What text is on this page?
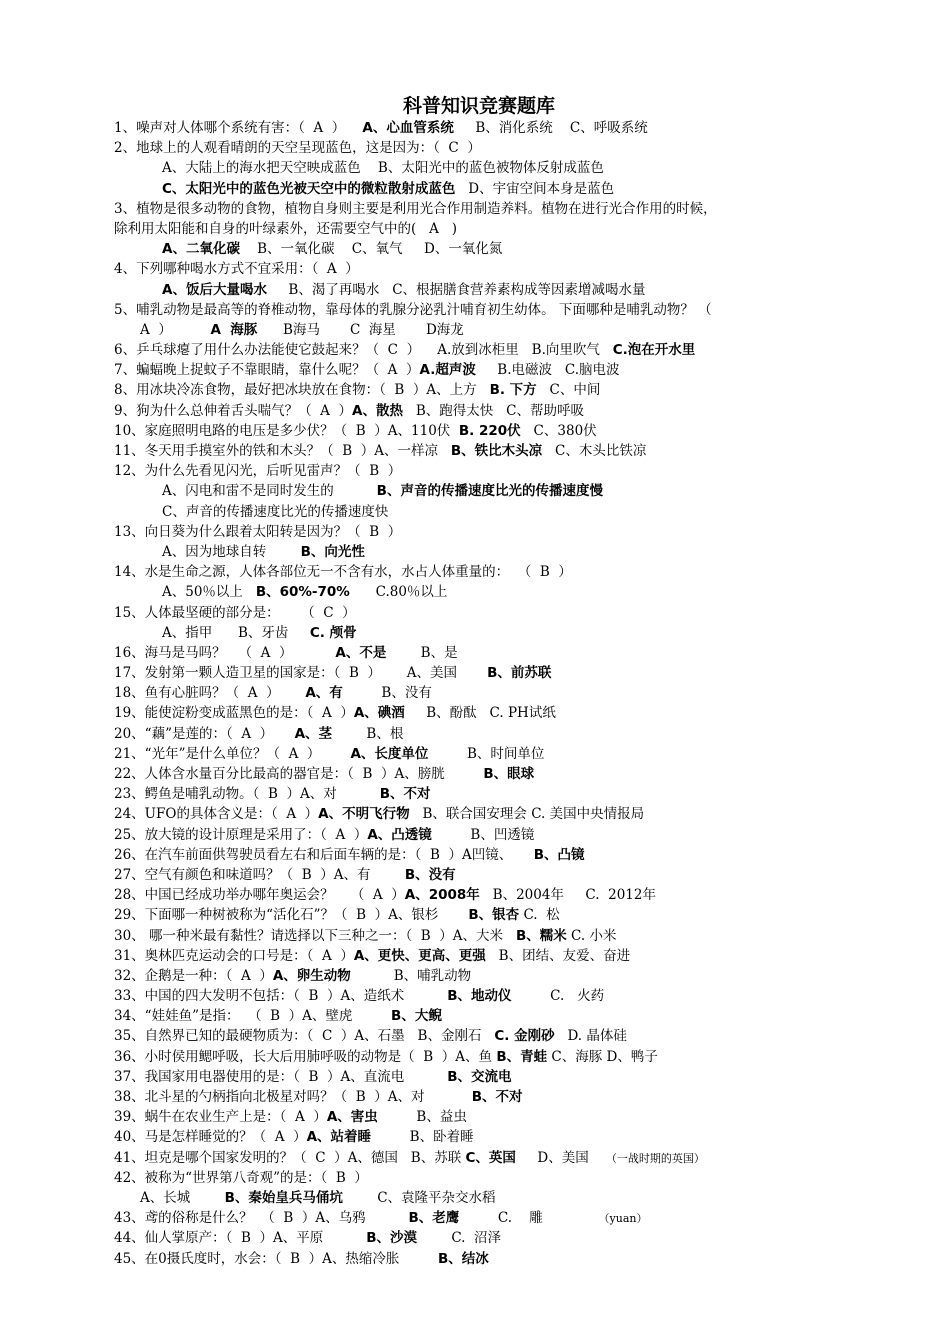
科普知识竞赛题库
1、噪声对人体哪个系统有害：（  A  ）    A、心血管系统     B、消化系统    C、呼吸系统
2、地球上的人观看晴朗的天空呈现蓝色，这是因为：（  C  ）
A、大陆上的海水把天空映成蓝色    B、太阳光中的蓝色被物体反射成蓝色
C、太阳光中的蓝色光被天空中的微粒散射成蓝色   D、宇宙空间本身是蓝色
3、植物是很多动物的食物，植物自身则主要是利用光合作用制造养料。植物在进行光合作用的时候，
除利用太阳能和自身的叶绿素外，还需要空气中的(   A   )
A、二氧化碳    B、一氧化碳    C、氧气     D、一氧化氮
4、下列哪种喝水方式不宜采用：（  A  ）
A、饭后大量喝水     B、渴了再喝水   C、根据膳食营养素构成等因素增减喝水量
5、哺乳动物是最高等的脊椎动物，靠母体的乳腺分泌乳汁哺育初生幼体。 下面哪种是哺乳动物？ （
A  ）         A  海豚      B海马       C  海星       D海龙
6、乒乓球瘪了用什么办法能使它鼓起来？（  C  ）    A.放到冰柜里   B.向里吹气   C.泡在开水里
7、蝙蝠晚上捉蚊子不靠眼睛，靠什么呢？（  A  ）A.超声波     B.电磁波   C.脑电波
8、用冰块冷冻食物，最好把冰块放在食物：（  B  ）A、上方   B. 下方   C、中间
9、狗为什么总伸着舌头喘气？（  A  ）A、散热   B、跑得太快   C、帮助呼吸
10、家庭照明电路的电压是多少伏？（  B  ）A、110伏  B. 220伏   C、380伏
11、冬天用手摸室外的铁和木头？（  B  ）A、一样凉   B、铁比木头凉   C、木头比铁凉
12、为什么先看见闪光，后听见雷声？（  B  ）
A、闪电和雷不是同时发生的          B、声音的传播速度比光的传播速度慢
C、声音的传播速度比光的传播速度快
13、向日葵为什么跟着太阳转是因为？（  B  ）
A、因为地球自转        B、向光性
14、水是生命之源，人体各部位无一不含有水，水占人体重量的：  （  B  ）
A、50％以上   B、60%-70%      C.80％以上
15、人体最坚硬的部分是：     （  C  ）
A、指甲      B、牙齿     C. 颅骨
16、海马是马吗？   （  A  ）          A、不是        B、是
17、发射第一颗人造卫星的国家是：（  B  ）      A、美国       B、前苏联
18、鱼有心脏吗？（  A  ）      A、有         B、没有
19、能使淀粉变成蓝黑色的是：（  A  ）A、碘酒     B、酚酞   C. PH试纸
20、“藕”是莲的：（  A  ）     A、茎        B、根
21、“光年”是什么单位？（  A  ）       A、长度单位         B、时间单位
22、人体含水量百分比最高的器官是：（  B  ）A、膀胱         B、眼球
23、鳄鱼是哺乳动物。（  B  ）A、对          B、不对
24、UFO的具体含义是：（  A  ）A、不明飞行物   B、联合国安理会 C. 美国中央情报局
25、放大镜的设计原理是采用了：（  A  ）A、凸透镜         B、凹透镜
26、在汽车前面供驾驶员看左右和后面车辆的是：（  B  ）A凹镜、     B、凸镜
27、空气有颜色和味道吗？（  B  ）A、有        B、没有
28、中国已经成功举办哪年奥运会？    （  A  ）A、2008年   B、2004年     C.  2012年
29、下面哪一种树被称为“活化石”？（  B  ）A、银杉       B、银杏 C.  松
30、 哪一种米最有黏性？请选择以下三种之一：（  B  ）A、大米   B、糯米 C. 小米
31、奥林匹克运动会的口号是：（  A  ）A、更快、更高、更强   B、团结、友爱、奋进
32、企鹅是一种：（  A  ）A、卵生动物          B、哺乳动物
33、中国的四大发明不包括：（  B  ）A、造纸术          B、地动仪         C.   火药
34、“娃娃鱼”是指：  （  B  ）A、壁虎         B、大鲵
35、自然界已知的最硬物质为：（  C  ）A、石墨   B、金刚石   C. 金刚砂   D. 晶体硅
36、小时侯用鳃呼吸，长大后用肺呼吸的动物是（  B  ）A、鱼 B、青蛙 C、海豚 D、鸭子
37、我国家用电器使用的是：（  B  ）A、直流电          B、交流电
38、北斗星的勺柄指向北极星对吗？（  B  ）A、对           B、不对
39、蜗牛在农业生产上是：（  A  ）A、害虫         B、益虫
40、马是怎样睡觉的？（  A  ）A、站着睡         B、卧着睡
41、坦克是哪个国家发明的？（  C  ）A、德国   B、苏联 C、英国     D、美国    （一战时期的英国）
42、被称为“世界第八奇观”的是：（  B  ）
A、长城        B、秦始皇兵马俑坑        C、袁隆平杂交水稻
43、鸢的俗称是什么？  （  B  ）A、乌鸦          B、老鹰         C.    雕             （yuan）
44、仙人掌原产：（  B  ）A、平原          B、沙漠        C.  沼泽
45、在0摄氏度时，水会：（  B  ）A、热缩冷胀         B、结冰
